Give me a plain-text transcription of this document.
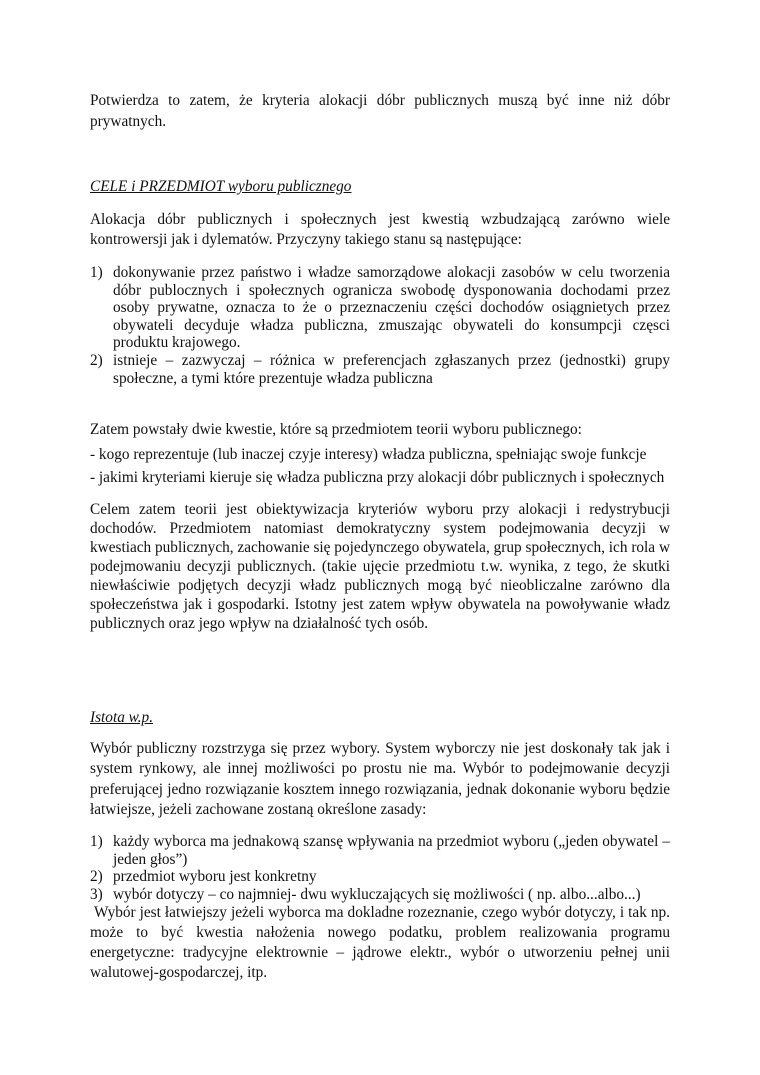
Potwierdza to zatem, że kryteria alokacji dóbr publicznych muszą być inne niż dóbr prywatnych.

CELE i PRZEDMIOT wyboru publicznego

Alokacja dóbr publicznych i społecznych jest kwestią wzbudzającą zarówno wiele kontrowersji jak i dylematów. Przyczyny takiego stanu są następujące:

1) dokonywanie przez państwo i władze samorządowe alokacji zasobów w celu tworzenia dóbr publocznych i społecznych ogranicza swobodę dysponowania dochodami przez osoby prywatne, oznacza to że o przeznaczeniu części dochodów osiągnietych przez obywateli decyduje władza publiczna, zmuszając obywateli do konsumpcji częsci produktu krajowego.
2) istnieje – zazwyczaj – różnica w preferencjach zgłaszanych przez (jednostki) grupy społeczne, a tymi które prezentuje władza publiczna

Zatem powstały dwie kwestie, które są przedmiotem teorii wyboru publicznego:

- kogo reprezentuje (lub inaczej czyje interesy) władza publiczna, spełniając swoje funkcje

- jakimi kryteriami kieruje się władza publiczna przy alokacji dóbr publicznych i społecznych

Celem zatem teorii jest obiektywizacja kryteriów wyboru przy alokacji i redystrybucji dochodów. Przedmiotem natomiast demokratyczny system podejmowania decyzji w kwestiach publicznych, zachowanie się pojedynczego obywatela, grup społecznych, ich rola w podejmowaniu decyzji publicznych. (takie ujęcie przedmiotu t.w. wynika, z tego, że skutki niewłaściwie podjętych decyzji władz publicznych mogą być nieobliczalne zarówno dla społeczeństwa jak i gospodarki. Istotny jest zatem wpływ obywatela na powoływanie władz publicznych oraz jego wpływ na działalność tych osób.

Istota w.p.

Wybór publiczny rozstrzyga się przez wybory. System wyborczy nie jest doskonały tak jak i system rynkowy, ale innej możliwości po prostu nie ma. Wybór to podejmowanie decyzji preferującej jedno rozwiązanie kosztem innego rozwiązania, jednak dokonanie wyboru będzie łatwiejsze, jeżeli zachowane zostaną określone zasady:

1) każdy wyborca ma jednakową szansę wpływania na przedmiot wyboru („jeden obywatel – jeden głos”)
2) przedmiot wyboru jest konkretny
3) wybór dotyczy – co najmniej- dwu wykluczających się możliwości ( np. albo...albo...)

Wybór jest łatwiejszy jeżeli wyborca ma dokladne rozeznanie, czego wybór dotyczy, i tak np. może to być kwestia nałożenia nowego podatku, problem realizowania programu energetyczne: tradycyjne elektrownie – jądrowe elektr., wybór o utworzeniu pełnej unii walutowej-gospodarczej, itp.
